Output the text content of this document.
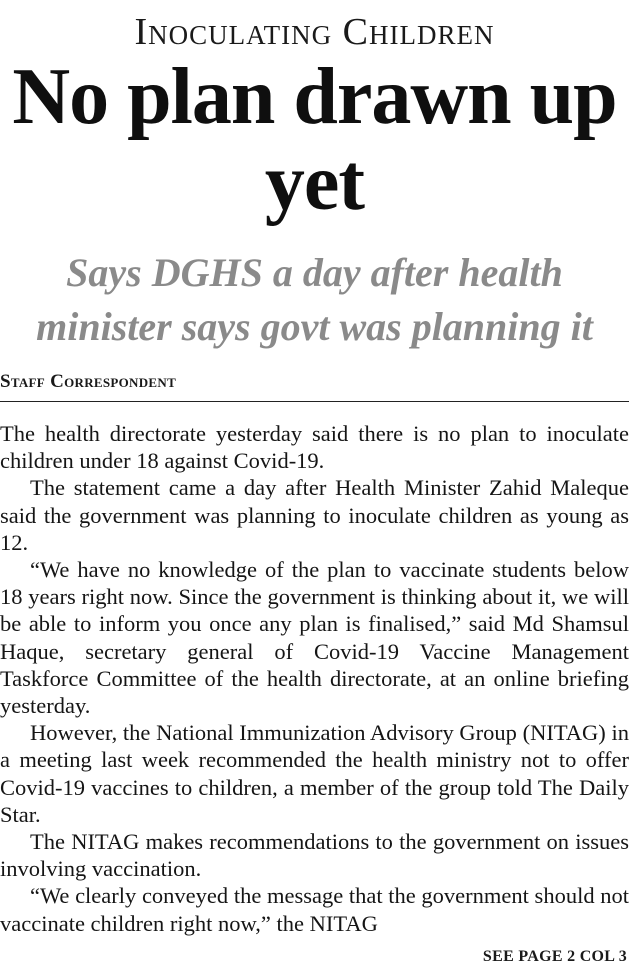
Inoculating Children
No plan drawn up yet
Says DGHS a day after health minister says govt was planning it
Staff Correspondent

The health directorate yesterday said there is no plan to inoculate children under 18 against Covid-19.

The statement came a day after Health Minister Zahid Maleque said the government was planning to inoculate children as young as 12.

“We have no knowledge of the plan to vaccinate students below 18 years right now. Since the government is thinking about it, we will be able to inform you once any plan is finalised,” said Md Shamsul Haque, secretary general of Covid-19 Vaccine Management Taskforce Committee of the health directorate, at an online briefing yesterday.

However, the National Immunization Advisory Group (NITAG) in a meeting last week recommended the health ministry not to offer Covid-19 vaccines to children, a member of the group told The Daily Star.

The NITAG makes recommendations to the government on issues involving vaccination.

“We clearly conveyed the message that the government should not vaccinate children right now,” the NITAG

SEE PAGE 2 COL 3
